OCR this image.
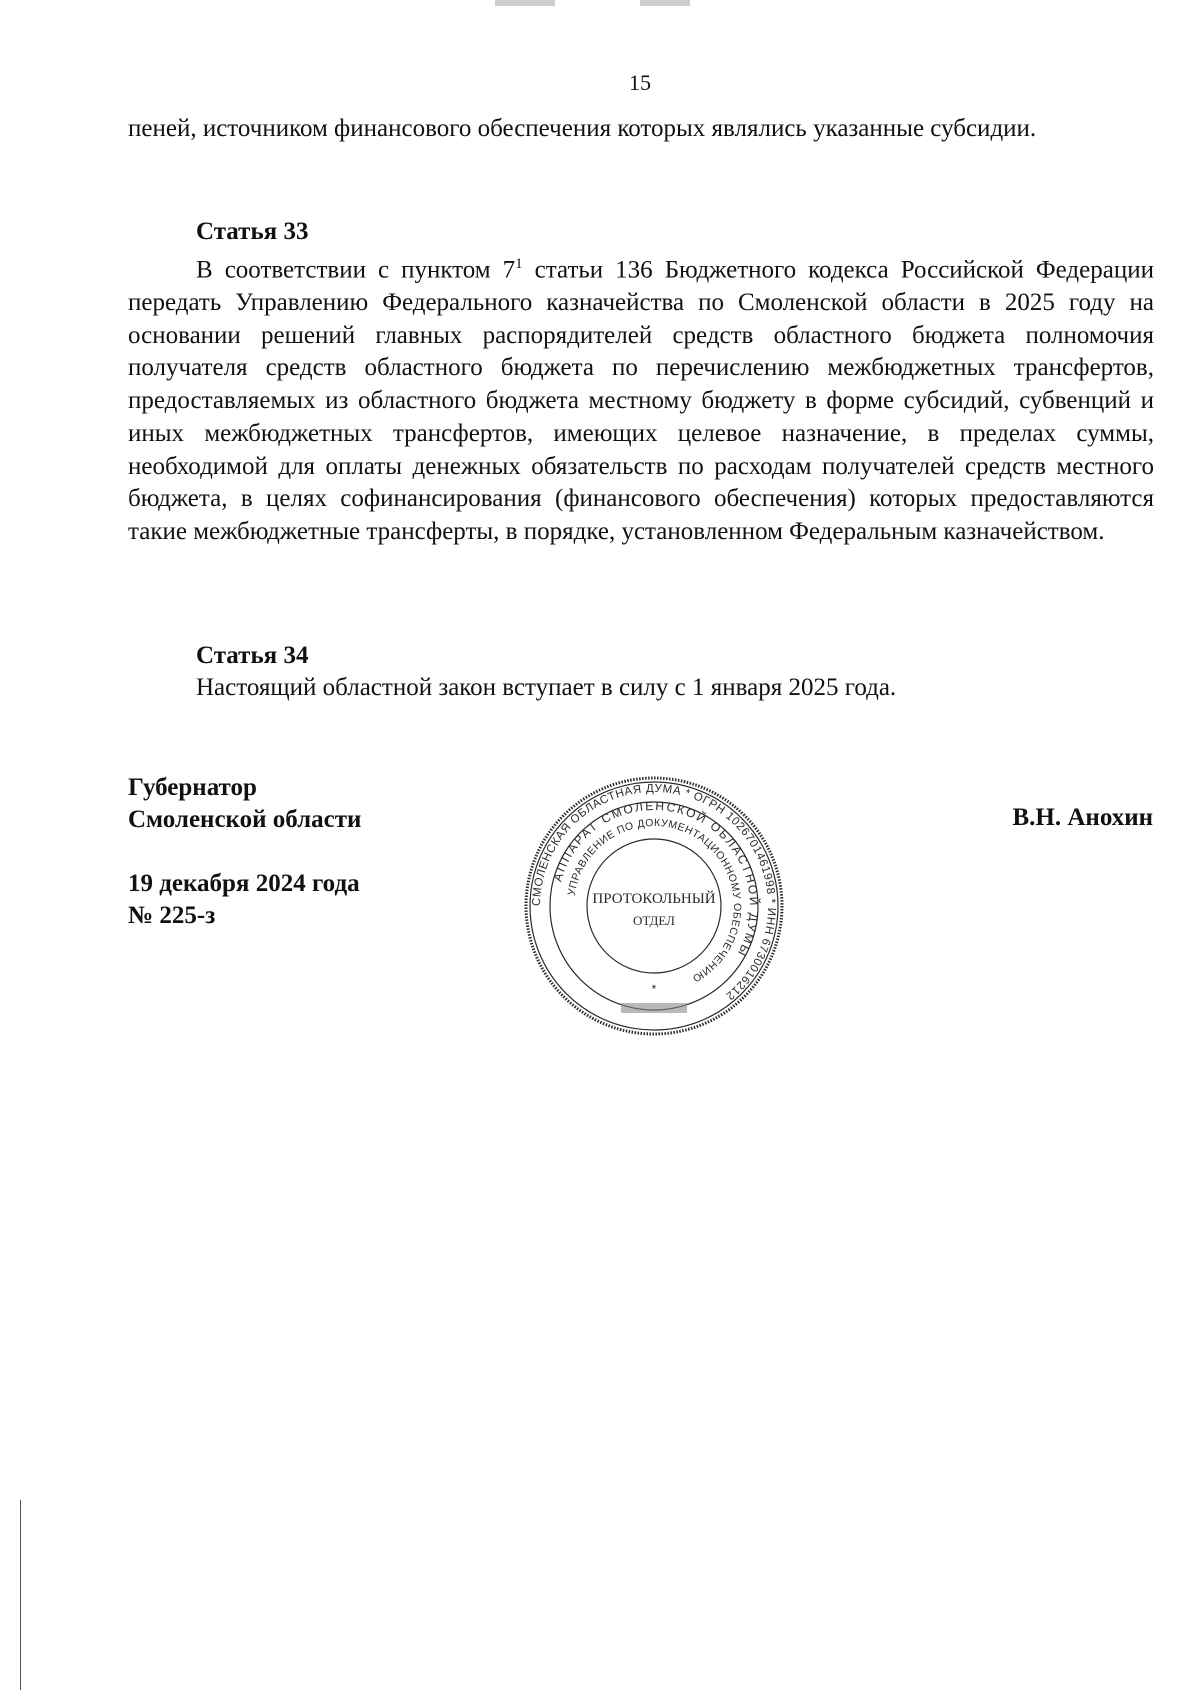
15

пеней, источником финансового обеспечения которых являлись указанные субсидии.

Статья 33

В соответствии с пунктом $7^1$ статьи 136 Бюджетного кодекса Российской Федерации передать Управлению Федерального казначейства по Смоленской области в 2025 году на основании решений главных распорядителей средств областного бюджета полномочия получателя средств областного бюджета по перечислению межбюджетных трансфертов, предоставляемых из областного бюджета местному бюджету в форме субсидий, субвенций и иных межбюджетных трансфертов, имеющих целевое назначение, в пределах суммы, необходимой для оплаты денежных обязательств по расходам получателей средств местного бюджета, в целях софинансирования (финансового обеспечения) которых предоставляются такие межбюджетные трансферты, в порядке, установленном Федеральным казначейством.

Статья 34

Настоящий областной закон вступает в силу с 1 января 2025 года.

Губернатор
Смоленской области	В.Н. Анохин
19 декабря 2024 года
№ 225-з
СМОЛЕНСКАЯ ОБЛАСТНАЯ ДУМА * ОГРН 1026701461998 * ИНН 6730016212
АППАРАТ СМОЛЕНСКОЙ ОБЛАСТНОЙ ДУМЫ
УПРАВЛЕНИЕ ПО ДОКУМЕНТАЦИОННОМУ ОБЕСПЕЧЕНИЮ
ПРОТОКОЛЬНЫЙ
ОТДЕЛ
*
